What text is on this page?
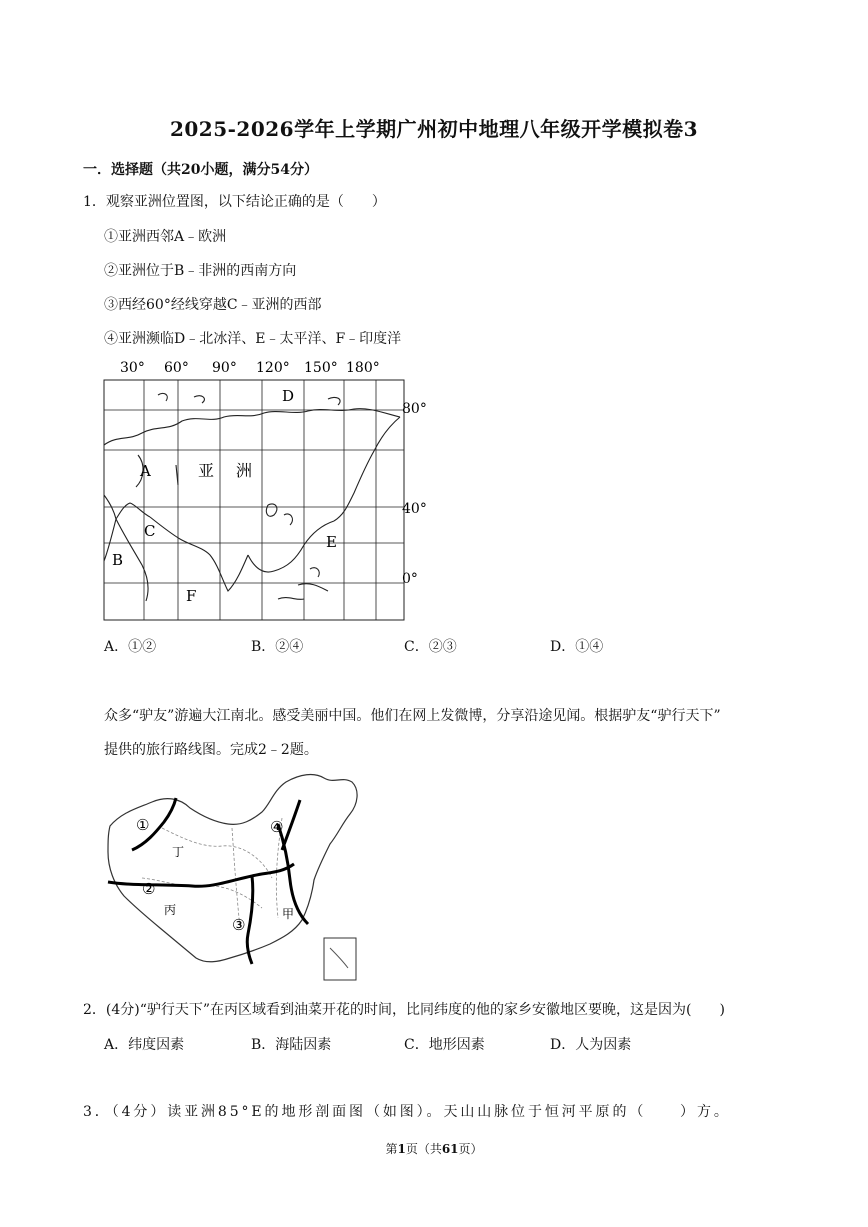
2025-2026学年上学期广州初中地理八年级开学模拟卷3
一．选择题（共20小题，满分54分）
1．观察亚洲位置图，以下结论正确的是（　　）
①亚洲西邻A﹣欧洲
②亚洲位于B﹣非洲的西南方向
③西经60°经线穿越C﹣亚洲的西部
④亚洲濒临D﹣北冰洋、E﹣太平洋、F﹣印度洋
30° 60° 90° 120° 150° 180°
80°
40°
0°
D
A	亚 洲
C
B
E
F
A．①②	B．②④	C．②③	D．①④
众多“驴友”游遍大江南北。感受美丽中国。他们在网上发微博，分享沿途见闻。根据驴友“驴行天下”
提供的旅行路线图。完成2﹣2题。
①
②
③
④
丁
丙	甲
2．(4分)“驴行天下”在丙区域看到油菜开花的时间，比同纬度的他的家乡安徽地区要晚，这是因为(　　)
A．纬度因素	B．海陆因素	C．地形因素	D．人为因素
3．（4分）读亚洲85°E的地形剖面图（如图）。天山山脉位于恒河平原的（　　）方。
第1页（共61页）
